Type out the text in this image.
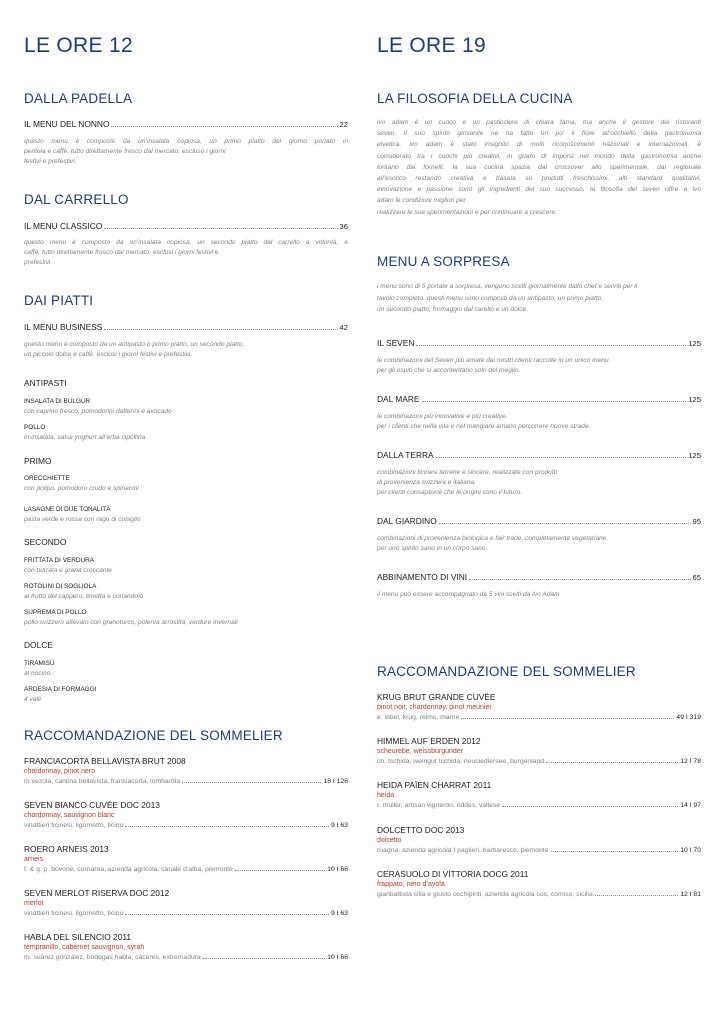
LE ORE 12
DALLA PADELLA
IL MENU DEL NONNO	22
questo menu è composto da un’insalata copiosa, un primo piatto del giorno portato in
pentola e caffè. tutto direttamente fresco dal mercato. escluso i giorni
festivi e prefestivi.
DAL CARRELLO
IL MENU CLASSICO	36
questo menu è composto da un’insalata copiosa, un secondo piatto dal carrello a volontà, e
caffè, tutto direttamente fresco dal mercato, esclusi i giorni festivi e
prefestivi.
DAI PIATTI
IL MENU BUSINESS	42
questo menu è composto da un antipasto o primo piatto, un secondo piatto,
un piccolo dolce e caffè. esclusi i giorni festivi e prefestivi.
ANTIPASTI
INSALATA DI BULGUR
con caprino fresco, pomodorini datterini e avocado
POLLO
in insalata, salsa yoghurt all’erba cipollina
PRIMO
ORECCHIETTE
con polipo, pomodoro crudo e spinacini
LASAGNE DI DUE TONALITÀ
pasta verde e rossa con ragù di coniglio
SECONDO
FRITTATA DI VERDURA
con burrata e grana croccante
ROTOLINI DI SOGLIOLA
al frutto del cappero, limetta e coriandolo
SUPREMA DI POLLO
pollo svizzero allevato con granoturco, polenta arrostita, verdure invernali
DOLCE
TIRAMISÙ
al nocino
ARDESIA DI FORMAGGI
4 valli
RACCOMANDAZIONE DEL SOMMELIER
FRANCIACORTA BELLAVISTA BRUT 2008
chardonnay, pinot nero
m.vezola, cantina bellavista, franciacorta, lombardia	18 I 126
SEVEN BIANCO CUVÉE DOC 2013
chardonnay, sauvignon blanc
vinattieri ticinesi, ligornetto, ticino	9 I 63
ROERO ARNEIS 2013
arneis
f. & g. p. bovone, cornarea, azienda agricola, canale d’alba, piemonte	10 I 66
SEVEN MERLOT RISERVA DOC 2012
merlot
vinattieri ticinesi, ligornetto, ticino	9 I 63
HABLA DEL SILENCIO 2011
tempranillo, cabernet sauvignon, syrah
m. suárez gonzález, bodegas habla, cáceres, extremadura	10 I 66
LE ORE 19
LA FILOSOFIA DELLA CUCINA
ivo adam è un cuoco e un pasticciere di chiara fama, ma anche il gestore dei ristoranti
seven. il suo spirito giovanile ne ha fatto un po’ il fiore all’occhiello della gastronomia
elvetica. ivo adam è stato insignito di molti riconoscimenti nazionali e internazionali. è
considerato tra i cuochi più creativi, in grado di imporsi nel mondo della gastronomia anche
lontano dai fornelli. la sua cucina spazia dal crossover allo sperimentale, dal regionale
all’esotico restando creativa e basata su prodotti freschissimi. alti standard qualitativi.
innovazione e passione sono gli ingredienti del suo successo. la filosofia del seven offre a ivo
adam le condizioni migliori per
realizzare le sue sperimentazioni e per continuare a crescere.
MENU A SORPRESA
i menu sono di 5 portate a sorpresa, vengono scelti giornalmente dallo chef e serviti per il
tavolo completo. questi menu sono composti da un antipasto, un primo piatto,
un secondo piatto, formaggio dal carello e un dolce.
IL SEVEN	125
le combinazioni del Seven più amate dai nostri clienti raccolte in un unico menu.
per gli ospiti che si accontentano solo del meglio.
DAL MARE	125
le combinazioni più innovative e più creative.
per i clienti che nella vita e nel mangiare amano percorrere nuove strade.
DALLA TERRA	125
combinazioni ticinesi terrene e sincere, realizzate con prodotti
di provenienza svizzera e italiana.
per clienti consapevoli che le origini sono il futuro.
DAL GIARDINO	95
combinazioni di provenienza biologica e fair trade, completamente vegetariane.
per uno spirito sano in un corpo sano.
ABBINAMENTO DI VINI	65
il menu può essere accompagnato da 5 vini scelti da Ivo Adam
RACCOMANDAZIONE DEL SOMMELIER
KRUG BRUT GRANDE CUVÉE
pinot noir, chardonnay, pinot meunier
e. lebel, krug, reims, marne	49 I 319
HIMMEL AUF ERDEN 2012
scheurebe, weissburgunder
ch. tschida, weingut tschida, neusiedlersee, burgenland	12 I 78
HEIDA PAÏEN CHARRAT 2011
heida
r. müller, artisan vigneron, riddes, vallese	14 I 97
DOLCETTO DOC 2013
dolcetto
roagna, azienda agricola I paglieri, barbaresco, piemonte	10 I 70
CERASUOLO DI VITTORIA DOCG 2011
frappato, nero d’avola
gianbattista cilia e giusto occhipinti, azienda agricola cos, comiso, sicilia	12 I 81
